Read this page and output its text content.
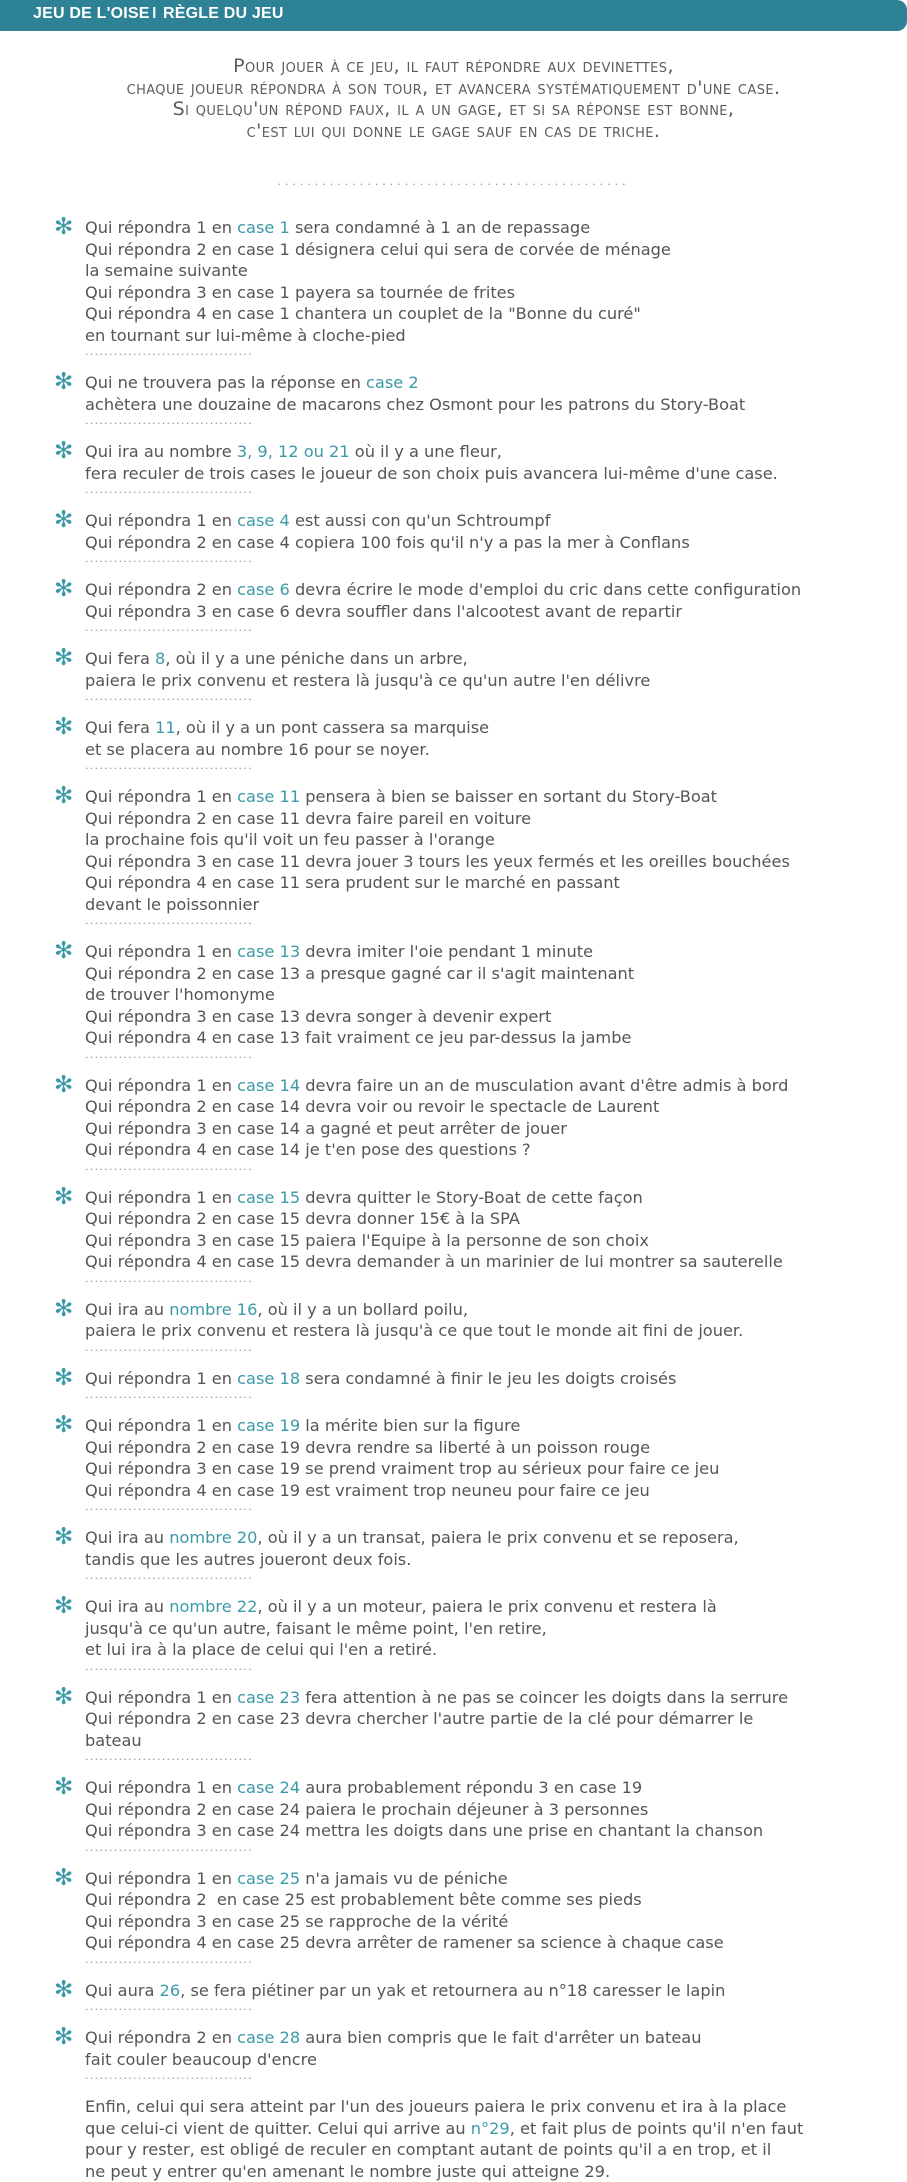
JEU DE L'OISE I RÈGLE DU JEU
Pour jouer à ce jeu, il faut répondre aux devinettes,
chaque joueur répondra à son tour, et avancera systématiquement d'une case.
Si quelqu'un répond faux, il a un gage, et si sa réponse est bonne,
c'est lui qui donne le gage sauf en cas de triche.
...............................................
✻ Qui répondra 1 en case 1 sera condamné à 1 an de repassage
Qui répondra 2 en case 1 désignera celui qui sera de corvée de ménage
la semaine suivante
Qui répondra 3 en case 1 payera sa tournée de frites
Qui répondra 4 en case 1 chantera un couplet de la "Bonne du curé"
en tournant sur lui-même à cloche-pied
...................................
✻ Qui ne trouvera pas la réponse en case 2
achètera une douzaine de macarons chez Osmont pour les patrons du Story-Boat
...................................
✻ Qui ira au nombre 3, 9, 12 ou 21 où il y a une fleur,
fera reculer de trois cases le joueur de son choix puis avancera lui-même d'une case.
...................................
✻ Qui répondra 1 en case 4 est aussi con qu'un Schtroumpf
Qui répondra 2 en case 4 copiera 100 fois qu'il n'y a pas la mer à Conflans
...................................
✻ Qui répondra 2 en case 6 devra écrire le mode d'emploi du cric dans cette configuration
Qui répondra 3 en case 6 devra souffler dans l'alcootest avant de repartir
...................................
✻ Qui fera 8, où il y a une péniche dans un arbre,
paiera le prix convenu et restera là jusqu'à ce qu'un autre l'en délivre
...................................
✻ Qui fera 11, où il y a un pont cassera sa marquise
et se placera au nombre 16 pour se noyer.
...................................
✻ Qui répondra 1 en case 11 pensera à bien se baisser en sortant du Story-Boat
Qui répondra 2 en case 11 devra faire pareil en voiture
la prochaine fois qu'il voit un feu passer à l'orange
Qui répondra 3 en case 11 devra jouer 3 tours les yeux fermés et les oreilles bouchées
Qui répondra 4 en case 11 sera prudent sur le marché en passant
devant le poissonnier
...................................
✻ Qui répondra 1 en case 13 devra imiter l'oie pendant 1 minute
Qui répondra 2 en case 13 a presque gagné car il s'agit maintenant
de trouver l'homonyme
Qui répondra 3 en case 13 devra songer à devenir expert
Qui répondra 4 en case 13 fait vraiment ce jeu par-dessus la jambe
...................................
✻ Qui répondra 1 en case 14 devra faire un an de musculation avant d'être admis à bord
Qui répondra 2 en case 14 devra voir ou revoir le spectacle de Laurent
Qui répondra 3 en case 14 a gagné et peut arrêter de jouer
Qui répondra 4 en case 14 je t'en pose des questions ?
...................................
✻ Qui répondra 1 en case 15 devra quitter le Story-Boat de cette façon
Qui répondra 2 en case 15 devra donner 15€ à la SPA
Qui répondra 3 en case 15 paiera l'Equipe à la personne de son choix
Qui répondra 4 en case 15 devra demander à un marinier de lui montrer sa sauterelle
...................................
✻ Qui ira au nombre 16, où il y a un bollard poilu,
paiera le prix convenu et restera là jusqu'à ce que tout le monde ait fini de jouer.
...................................
✻ Qui répondra 1 en case 18 sera condamné à finir le jeu les doigts croisés
...................................
✻ Qui répondra 1 en case 19 la mérite bien sur la figure
Qui répondra 2 en case 19 devra rendre sa liberté à un poisson rouge
Qui répondra 3 en case 19 se prend vraiment trop au sérieux pour faire ce jeu
Qui répondra 4 en case 19 est vraiment trop neuneu pour faire ce jeu
...................................
✻ Qui ira au nombre 20, où il y a un transat, paiera le prix convenu et se reposera,
tandis que les autres joueront deux fois.
...................................
✻ Qui ira au nombre 22, où il y a un moteur, paiera le prix convenu et restera là
jusqu'à ce qu'un autre, faisant le même point, l'en retire,
et lui ira à la place de celui qui l'en a retiré.
...................................
✻ Qui répondra 1 en case 23 fera attention à ne pas se coincer les doigts dans la serrure
Qui répondra 2 en case 23 devra chercher l'autre partie de la clé pour démarrer le
bateau
...................................
✻ Qui répondra 1 en case 24 aura probablement répondu 3 en case 19
Qui répondra 2 en case 24 paiera le prochain déjeuner à 3 personnes
Qui répondra 3 en case 24 mettra les doigts dans une prise en chantant la chanson
...................................
✻ Qui répondra 1 en case 25 n'a jamais vu de péniche
Qui répondra 2  en case 25 est probablement bête comme ses pieds
Qui répondra 3 en case 25 se rapproche de la vérité
Qui répondra 4 en case 25 devra arrêter de ramener sa science à chaque case
...................................
✻ Qui aura 26, se fera piétiner par un yak et retournera au n°18 caresser le lapin
...................................
✻ Qui répondra 2 en case 28 aura bien compris que le fait d'arrêter un bateau
fait couler beaucoup d'encre
...................................
Enfin, celui qui sera atteint par l'un des joueurs paiera le prix convenu et ira à la place
que celui-ci vient de quitter. Celui qui arrive au n°29, et fait plus de points qu'il n'en faut
pour y rester, est obligé de reculer en comptant autant de points qu'il a en trop, et il
ne peut y entrer qu'en amenant le nombre juste qui atteigne 29.
